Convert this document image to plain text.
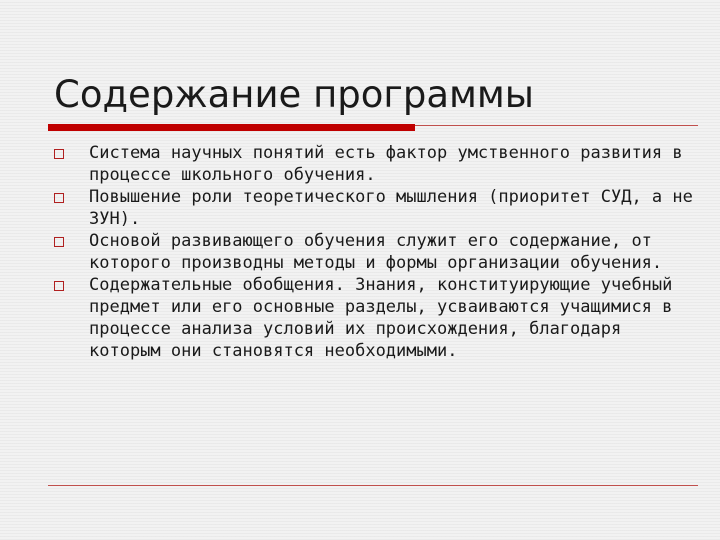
Содержание программы
Система научных понятий есть фактор умственного развития в процессе школьного обучения.
Повышение роли теоретического мышления (приоритет СУД, а не ЗУН).
Основой развивающего обучения служит его содержание, от которого производны методы и формы организации обучения.
Содержательные обобщения. Знания, конституирующие учебный предмет или его основные разделы, усваиваются учащимися в процессе анализа условий их происхождения, благодаря которым они становятся необходимыми.
